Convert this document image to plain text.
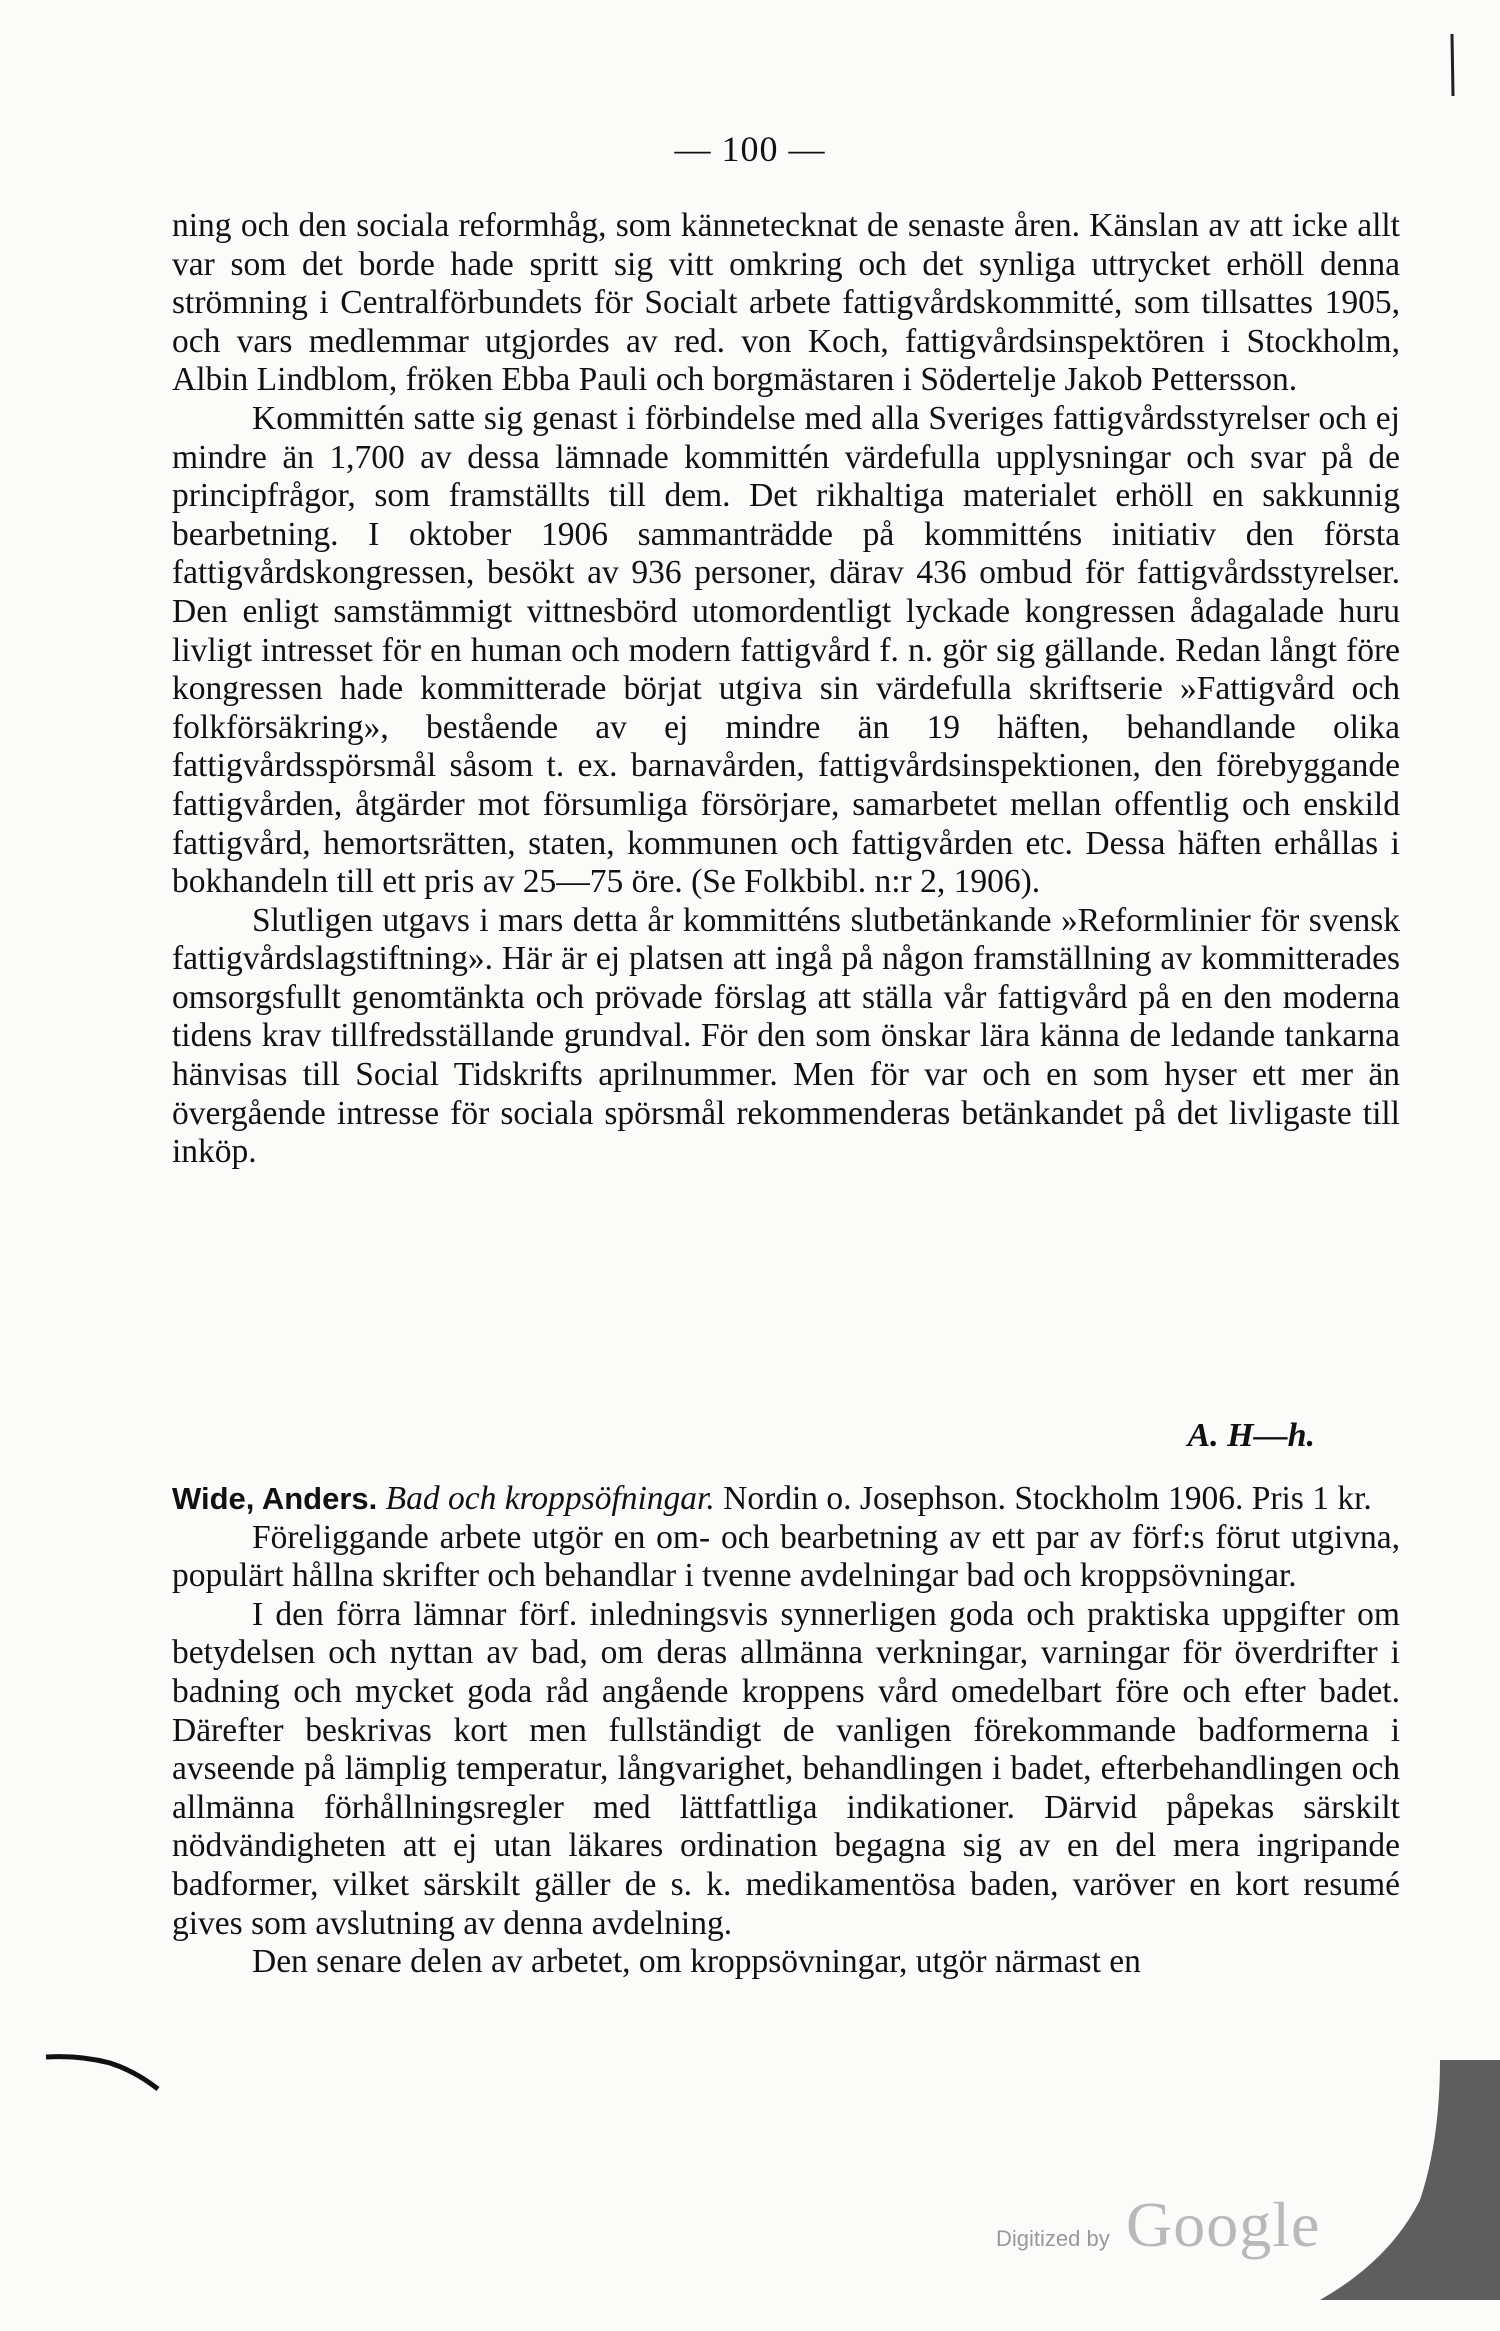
— 100 —

ning och den sociala reformhåg, som kännetecknat de senaste åren. Känslan av att icke allt var som det borde hade spritt sig vitt omkring och det synliga uttrycket erhöll denna strömning i Centralförbundets för Socialt arbete fattigvårdskommitté, som tillsattes 1905, och vars medlemmar utgjordes av red. von Koch, fattigvårdsinspektören i Stockholm, Albin Lindblom, fröken Ebba Pauli och borgmästaren i Södertelje Jakob Pettersson.

Kommittén satte sig genast i förbindelse med alla Sveriges fattigvårdsstyrelser och ej mindre än 1,700 av dessa lämnade kommittén värdefulla upplysningar och svar på de principfrågor, som framställts till dem. Det rikhaltiga materialet erhöll en sakkunnig bearbetning. I oktober 1906 sammanträdde på kommitténs initiativ den första fattigvårdskongressen, besökt av 936 personer, därav 436 ombud för fattigvårdsstyrelser. Den enligt samstämmigt vittnesbörd utomordentligt lyckade kongressen ådagalade huru livligt intresset för en human och modern fattigvård f. n. gör sig gällande. Redan långt före kongressen hade kommitterade börjat utgiva sin värdefulla skriftserie »Fattigvård och folkförsäkring», bestående av ej mindre än 19 häften, behandlande olika fattigvårdsspörsmål såsom t. ex. barnavården, fattigvårdsinspektionen, den förebyggande fattigvården, åtgärder mot försumliga försörjare, samarbetet mellan offentlig och enskild fattigvård, hemortsrätten, staten, kommunen och fattigvården etc. Dessa häften erhållas i bokhandeln till ett pris av 25—75 öre. (Se Folkbibl. n:r 2, 1906).

Slutligen utgavs i mars detta år kommitténs slutbetänkande »Reformlinier för svensk fattigvårdslagstiftning». Här är ej platsen att ingå på någon framställning av kommitterades omsorgsfullt genomtänkta och prövade förslag att ställa vår fattigvård på en den moderna tidens krav tillfredsställande grundval. För den som önskar lära känna de ledande tankarna hänvisas till Social Tidskrifts aprilnummer. Men för var och en som hyser ett mer än övergående intresse för sociala spörsmål rekommenderas betänkandet på det livligaste till inköp.

A. H—h.

Wide, Anders. Bad och kroppsöfningar. Nordin o. Josephson. Stockholm 1906. Pris 1 kr.

Föreliggande arbete utgör en om- och bearbetning av ett par av förf:s förut utgivna, populärt hållna skrifter och behandlar i tvenne avdelningar bad och kroppsövningar.

I den förra lämnar förf. inledningsvis synnerligen goda och praktiska uppgifter om betydelsen och nyttan av bad, om deras allmänna verkningar, varningar för överdrifter i badning och mycket goda råd angående kroppens vård omedelbart före och efter badet. Därefter beskrivas kort men fullständigt de vanligen förekommande badformerna i avseende på lämplig temperatur, långvarighet, behandlingen i badet, efterbehandlingen och allmänna förhållningsregler med lättfattliga indikationer. Därvid påpekas särskilt nödvändigheten att ej utan läkares ordination begagna sig av en del mera ingripande badformer, vilket särskilt gäller de s. k. medikamentösa baden, varöver en kort resumé gives som avslutning av denna avdelning.

Den senare delen av arbetet, om kroppsövningar, utgör närmast en

Digitized by Google
